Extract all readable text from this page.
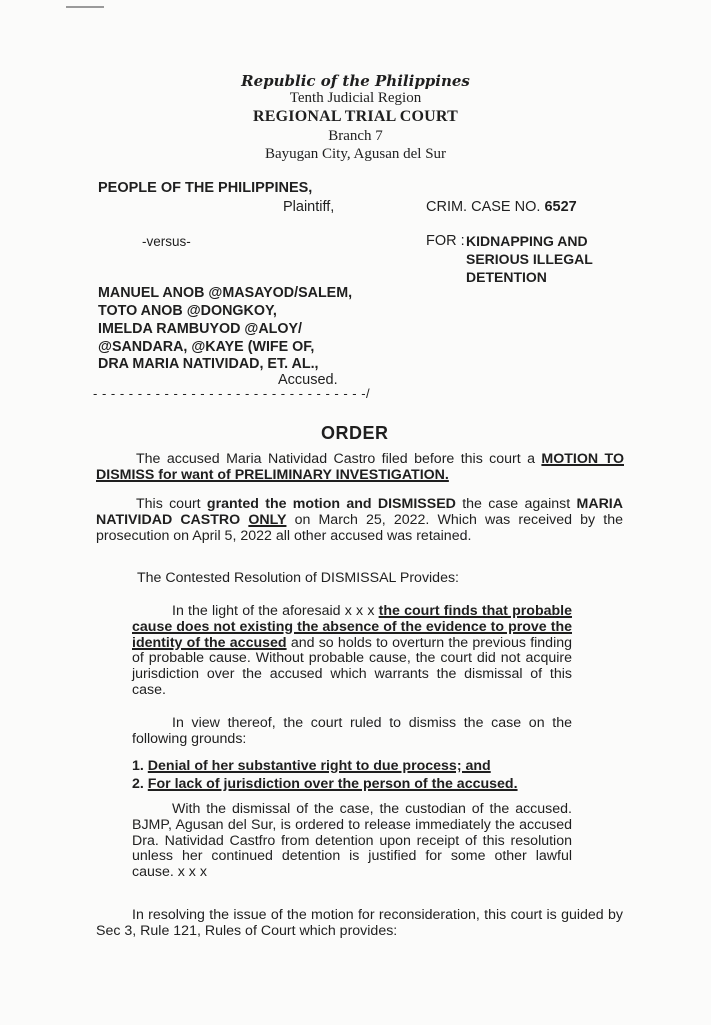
Republic of the Philippines
Tenth Judicial Region
REGIONAL TRIAL COURT
Branch 7
Bayugan City, Agusan del Sur
PEOPLE OF THE PHILIPPINES,
Plaintiff,	CRIM. CASE NO. 6527
-versus-	FOR : KIDNAPPING AND
SERIOUS ILLEGAL
DETENTION
MANUEL ANOB @MASAYOD/SALEM,
TOTO ANOB @DONGKOY,
IMELDA RAMBUYOD @ALOY/
@SANDARA, @KAYE (WIFE OF,
DRA MARIA NATIVIDAD, ET. AL.,
Accused.
- - - - - - - - - - - - - - - - - - - - - - - - - - - - - - -/
ORDER
The accused Maria Natividad Castro filed before this court a MOTION TO DISMISS for want of PRELIMINARY INVESTIGATION.
This court granted the motion and DISMISSED the case against MARIA NATIVIDAD CASTRO ONLY on March 25, 2022. Which was received by the prosecution on April 5, 2022 all other accused was retained.
The Contested Resolution of DISMISSAL Provides:
In the light of the aforesaid x x x the court finds that probable cause does not existing the absence of the evidence to prove the identity of the accused and so holds to overturn the previous finding of probable cause. Without probable cause, the court did not acquire jurisdiction over the accused which warrants the dismissal of this case.
In view thereof, the court ruled to dismiss the case on the following grounds:
1. Denial of her substantive right to due process; and
2. For lack of jurisdiction over the person of the accused.
With the dismissal of the case, the custodian of the accused. BJMP, Agusan del Sur, is ordered to release immediately the accused Dra. Natividad Castfro from detention upon receipt of this resolution unless her continued detention is justified for some other lawful cause. x x x
In resolving the issue of the motion for reconsideration, this court is guided by Sec 3, Rule 121, Rules of Court which provides:
